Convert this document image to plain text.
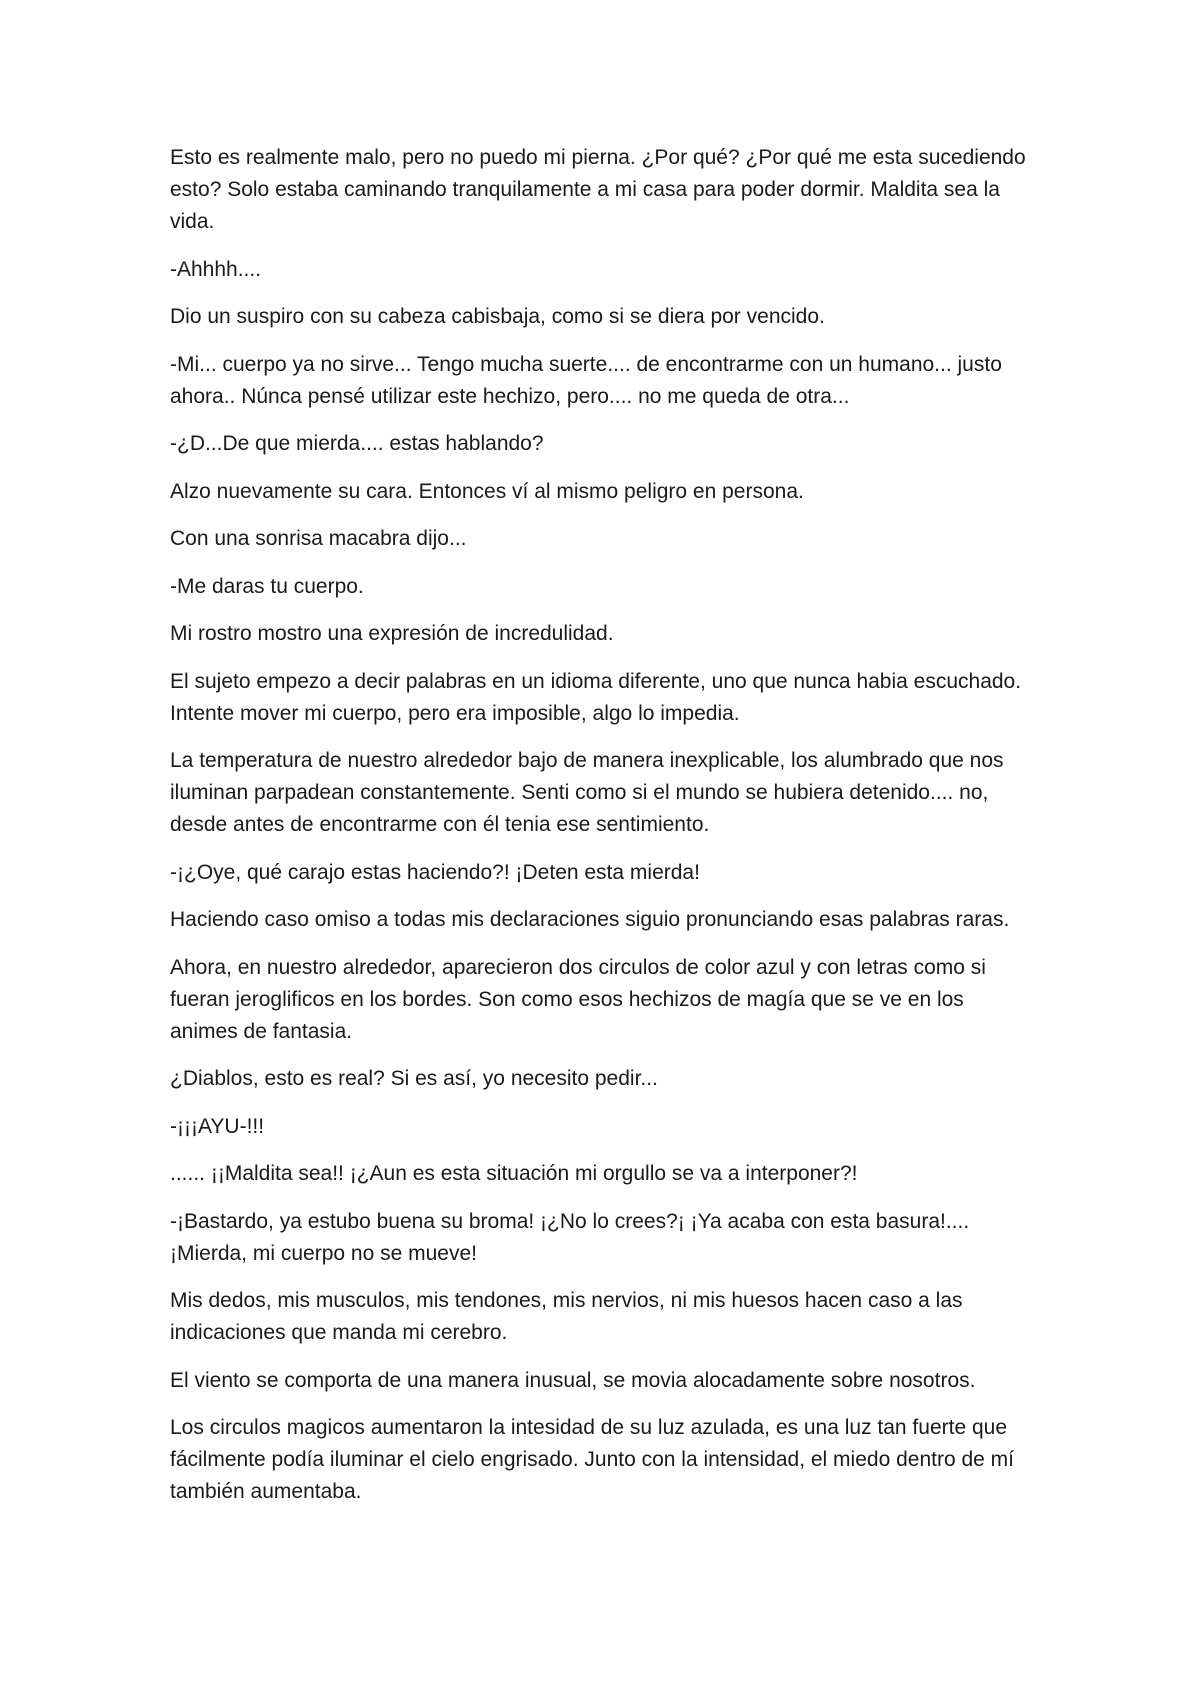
Esto es realmente malo, pero no puedo mi pierna. ¿Por qué? ¿Por qué me esta sucediendo esto? Solo estaba caminando tranquilamente a mi casa para poder dormir. Maldita sea la vida.

-Ahhhh....

Dio un suspiro con su cabeza cabisbaja, como si se diera por vencido.

-Mi... cuerpo ya no sirve... Tengo mucha suerte.... de encontrarme con un humano... justo ahora.. Núnca pensé utilizar este hechizo, pero.... no me queda de otra...

-¿D...De que mierda.... estas hablando?

Alzo nuevamente su cara. Entonces ví al mismo peligro en persona.

Con una sonrisa macabra dijo...

-Me daras tu cuerpo.

Mi rostro mostro una expresión de incredulidad.

El sujeto empezo a decir palabras en un idioma diferente, uno que nunca habia escuchado. Intente mover mi cuerpo, pero era imposible, algo lo impedia.

La temperatura de nuestro alrededor bajo de manera inexplicable, los alumbrado que nos iluminan parpadean constantemente. Senti como si el mundo se hubiera detenido.... no, desde antes de encontrarme con él tenia ese sentimiento.

-¡¿Oye, qué carajo estas haciendo?! ¡Deten esta mierda!

Haciendo caso omiso a todas mis declaraciones siguio pronunciando esas palabras raras.

Ahora, en nuestro alrededor, aparecieron dos circulos de color azul y con letras como si fueran jeroglificos en los bordes. Son como esos hechizos de magía que se ve en los animes de fantasia.

¿Diablos, esto es real? Si es así, yo necesito pedir...

-¡¡¡AYU-!!!

...... ¡¡Maldita sea!! ¡¿Aun es esta situación mi orgullo se va a interponer?!

-¡Bastardo, ya estubo buena su broma! ¡¿No lo crees?¡ ¡Ya acaba con esta basura!.... ¡Mierda, mi cuerpo no se mueve!

Mis dedos, mis musculos, mis tendones, mis nervios, ni mis huesos hacen caso a las indicaciones que manda mi cerebro.

El viento se comporta de una manera inusual, se movia alocadamente sobre nosotros.

Los circulos magicos aumentaron la intesidad de su luz azulada, es una luz tan fuerte que fácilmente podía iluminar el cielo engrisado. Junto con la intensidad, el miedo dentro de mí también aumentaba.
